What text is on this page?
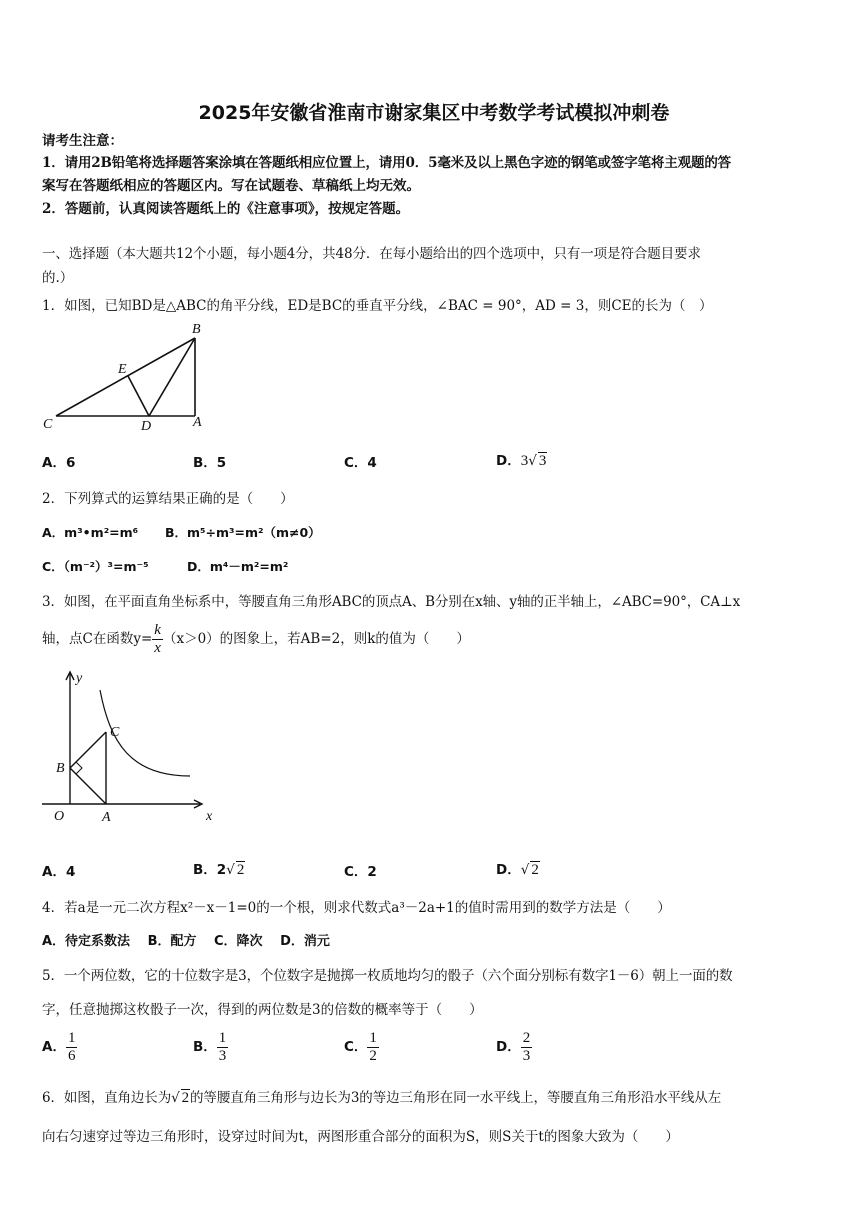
2025年安徽省淮南市谢家集区中考数学考试模拟冲刺卷
请考生注意：
1．请用2B铅笔将选择题答案涂填在答题纸相应位置上，请用0．5毫米及以上黑色字迹的钢笔或签字笔将主观题的答
案写在答题纸相应的答题区内。写在试题卷、草稿纸上均无效。
2．答题前，认真阅读答题纸上的《注意事项》，按规定答题。
一、选择题（本大题共12个小题，每小题4分，共48分．在每小题给出的四个选项中，只有一项是符合题目要求
的.）
1．如图，已知BD是△ABC的角平分线，ED是BC的垂直平分线，∠BAC = 90°，AD = 3，则CE的长为（　）
B
E
C	D	A
A．6	B．5	C．4	D．3√ 3
2．下列算式的运算结果正确的是（　　）
A．m³•m²=m⁶ B．m⁵÷m³=m²（m≠0）
C．（m⁻²）³=m⁻⁵	D．m⁴－m²=m²
3．如图，在平面直角坐标系中，等腰直角三角形ABC的顶点A、B分别在x轴、y轴的正半轴上，∠ABC=90°，CA⊥x
轴，点C在函数$y= \frac{k}{x} (x>0)$的图象上，若AB=2，则k的值为（　　）
y
x
O	A
B
C
A．4	B．2√ 2	C．2	D．√ 2
4．若a是一元二次方程x²－x－1=0的一个根，则求代数式a³－2a+1的值时需用到的数学方法是（　　）
A．待定系数法　 B．配方　 C．降次　 D．消元
5．一个两位数，它的十位数字是3，个位数字是抛掷一枚质地均匀的骰子（六个面分别标有数字1－6）朝上一面的数
字，任意抛掷这枚骰子一次，得到的两位数是3的倍数的概率等于（　　）
A． $\frac{1}{6}$	B． $\frac{1}{3}$	C． $\frac{1}{2}$	D． $\frac{2}{3}$
6．如图，直角边长为√ 2的等腰直角三角形与边长为3的等边三角形在同一水平线上，等腰直角三角形沿水平线从左
向右匀速穿过等边三角形时，设穿过时间为t，两图形重合部分的面积为S，则S关于t的图象大致为（　　）
